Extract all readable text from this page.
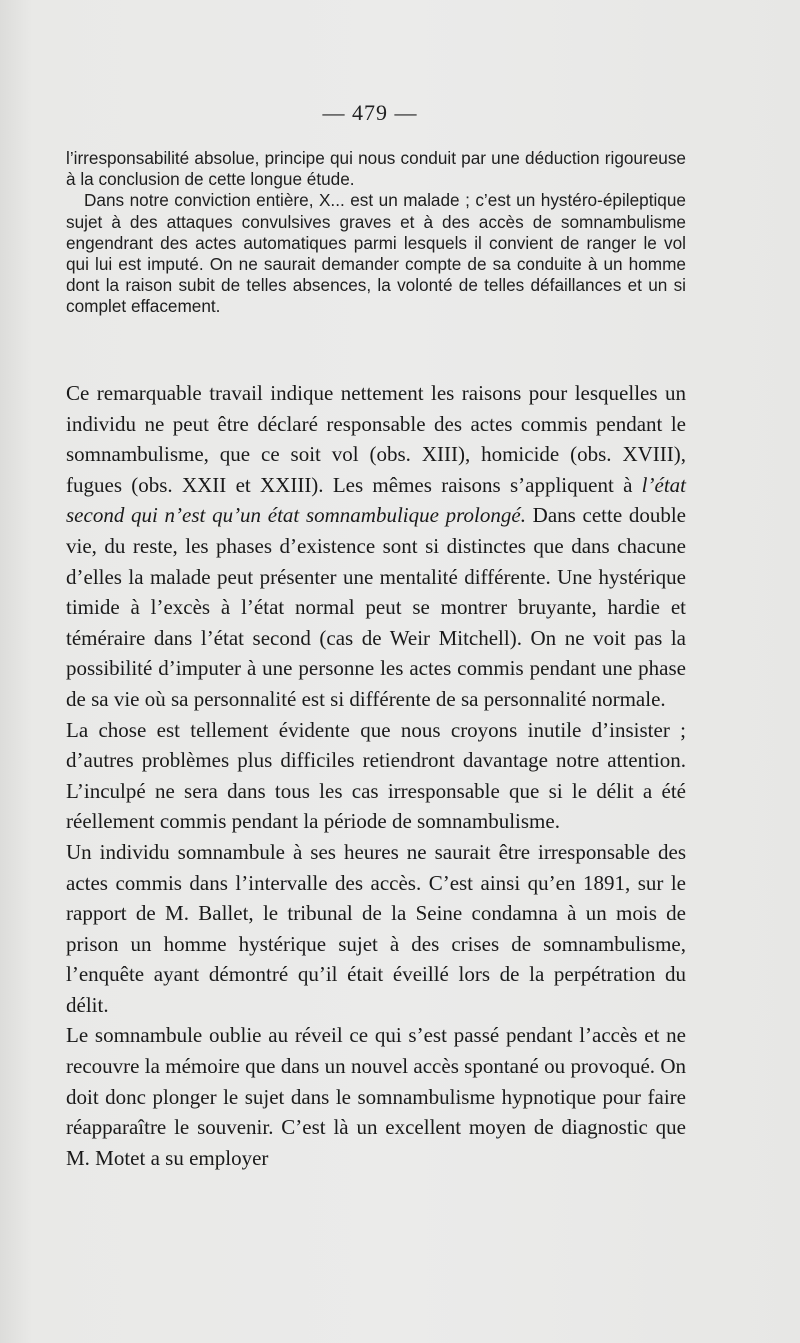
— 479 —

l’irresponsabilité absolue, principe qui nous conduit par une déduction rigoureuse à la conclusion de cette longue étude.

Dans notre conviction entière, X... est un malade ; c’est un hystéro-épileptique sujet à des attaques convulsives graves et à des accès de somnambulisme engendrant des actes automatiques parmi lesquels il convient de ranger le vol qui lui est imputé. On ne saurait demander compte de sa conduite à un homme dont la raison subit de telles absences, la volonté de telles défaillances et un si complet effacement.

Ce remarquable travail indique nettement les raisons pour lesquelles un individu ne peut être déclaré responsable des actes commis pendant le somnambulisme, que ce soit vol (obs. XIII), homicide (obs. XVIII), fugues (obs. XXII et XXIII). Les mêmes raisons s’appliquent à l’état second qui n’est qu’un état somnambulique prolongé. Dans cette double vie, du reste, les phases d’existence sont si distinctes que dans chacune d’elles la malade peut présenter une mentalité différente. Une hystérique timide à l’excès à l’état normal peut se montrer bruyante, hardie et téméraire dans l’état second (cas de Weir Mitchell). On ne voit pas la possibilité d’imputer à une personne les actes commis pendant une phase de sa vie où sa personnalité est si différente de sa personnalité normale.

La chose est tellement évidente que nous croyons inutile d’insister ; d’autres problèmes plus difficiles retiendront davantage notre attention. L’inculpé ne sera dans tous les cas irresponsable que si le délit a été réellement commis pendant la période de somnambulisme.

Un individu somnambule à ses heures ne saurait être irresponsable des actes commis dans l’intervalle des accès. C’est ainsi qu’en 1891, sur le rapport de M. Ballet, le tribunal de la Seine condamna à un mois de prison un homme hystérique sujet à des crises de somnambulisme, l’enquête ayant démontré qu’il était éveillé lors de la perpétration du délit.

Le somnambule oublie au réveil ce qui s’est passé pendant l’accès et ne recouvre la mémoire que dans un nouvel accès spontané ou provoqué. On doit donc plonger le sujet dans le somnambulisme hypnotique pour faire réapparaître le souvenir. C’est là un excellent moyen de diagnostic que M. Motet a su employer
